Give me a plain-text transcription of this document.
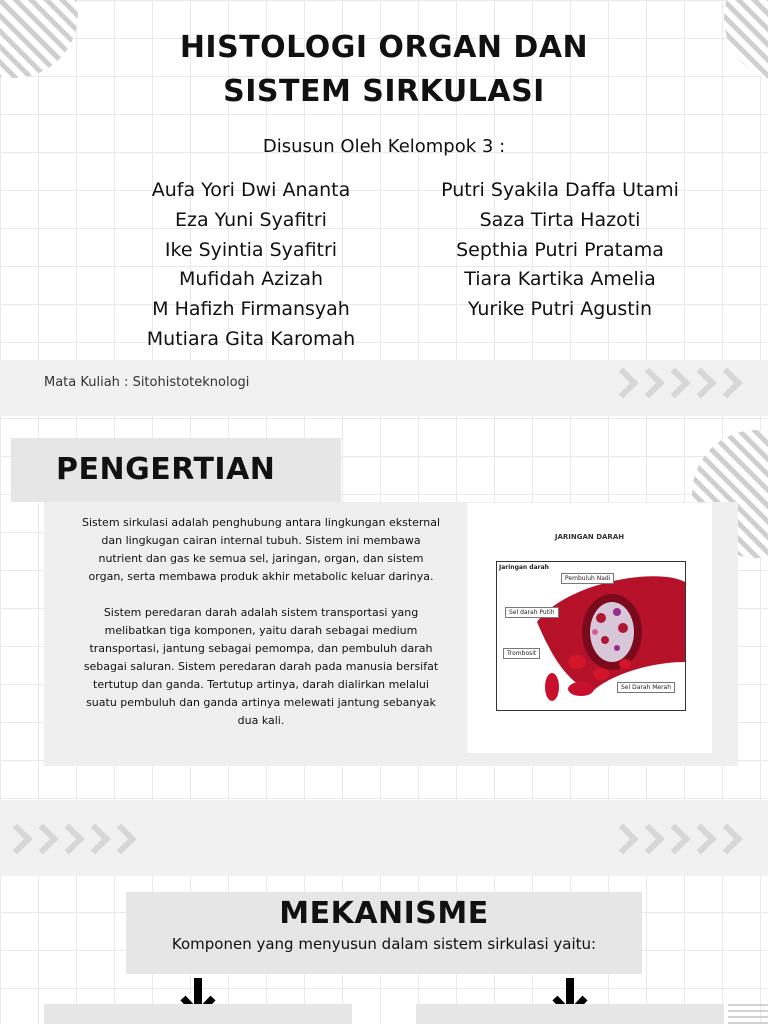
HISTOLOGI ORGAN DAN
SISTEM SIRKULASI
Disusun Oleh Kelompok 3 :
Aufa Yori Dwi Ananta
Eza Yuni Syafitri
Ike Syintia Syafitri
Mufidah Azizah
M Hafizh Firmansyah
Mutiara Gita Karomah
Putri Syakila Daffa Utami
Saza Tirta Hazoti
Septhia Putri Pratama
Tiara Kartika Amelia
Yurike Putri Agustin
Mata Kuliah : Sitohistoteknologi
PENGERTIAN
Sistem sirkulasi adalah penghubung antara lingkungan eksternal dan lingkugan cairan internal tubuh. Sistem ini membawa nutrient dan gas ke semua sel, jaringan, organ, dan sistem organ, serta membawa produk akhir metabolic keluar darinya.
Sistem peredaran darah adalah sistem transportasi yang melibatkan tiga komponen, yaitu darah sebagai medium transportasi, jantung sebagai pemompa, dan pembuluh darah sebagai saluran. Sistem peredaran darah pada manusia bersifat tertutup dan ganda. Tertutup artinya, darah dialirkan melalui suatu pembuluh dan ganda artinya melewati jantung sebanyak dua kali.
JARINGAN DARAH
Jaringan darah
Pembuluh Nadi
Sel darah Putih
Trombosit
Sel Darah Merah
MEKANISME
Komponen yang menyusun dalam sistem sirkulasi yaitu:
